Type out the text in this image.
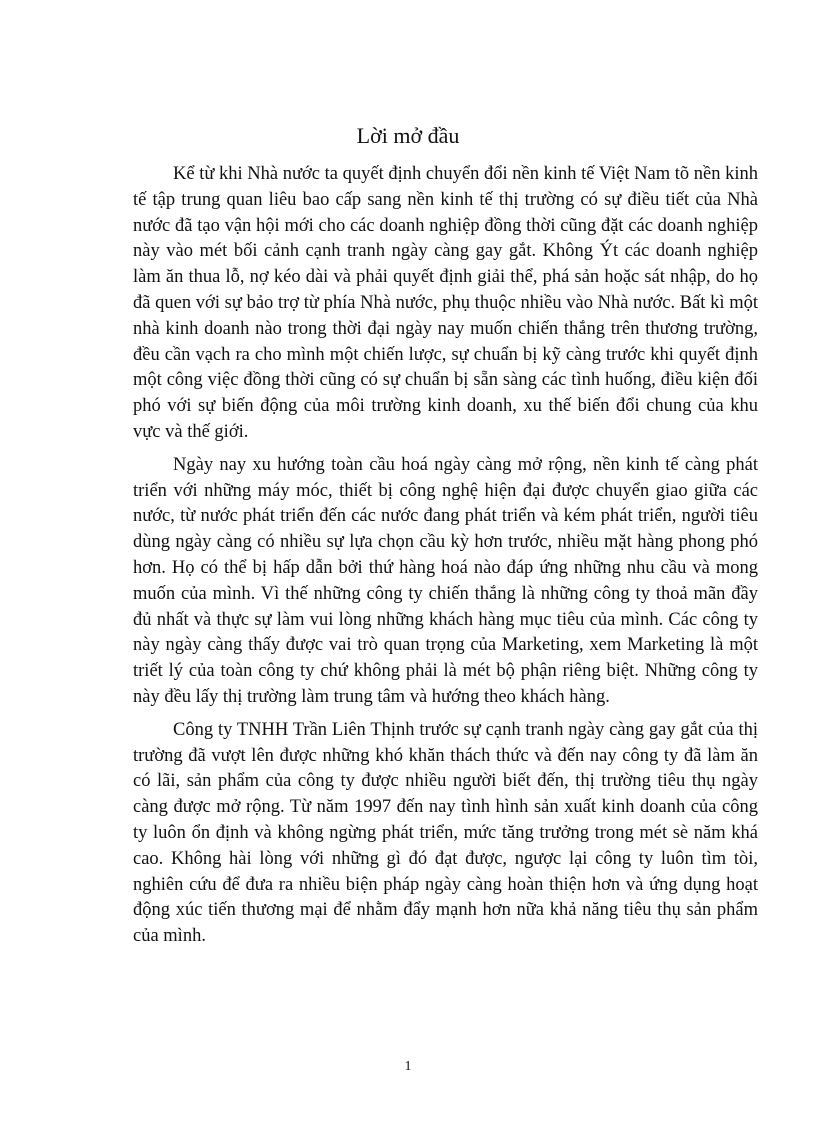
Lời mở đầu

Kể từ khi Nhà nước ta quyết định chuyển đổi nền kinh tế Việt Nam tõ nền kinh tế tập trung quan liêu bao cấp sang nền kinh tế thị trường có sự điều tiết của Nhà nước đã tạo vận hội mới cho các doanh nghiệp đồng thời cũng đặt các doanh nghiệp này vào mét bối cảnh cạnh tranh ngày càng gay gắt. Không Ýt các doanh nghiệp làm ăn thua lỗ, nợ kéo dài và phải quyết định giải thể, phá sản hoặc sát nhập, do họ đã quen với sự bảo trợ từ phía Nhà nước, phụ thuộc nhiều vào Nhà nước. Bất kì một nhà kinh doanh nào trong thời đại ngày nay muốn chiến thắng trên thương trường, đều cần vạch ra cho mình một chiến lược, sự chuẩn bị kỹ càng trước khi quyết định một công việc đồng thời cũng có sự chuẩn bị sẵn sàng các tình huống, điều kiện đối phó với sự biến động của môi trường kinh doanh, xu thế biến đổi chung của khu vực và thế giới.

Ngày nay xu hướng toàn cầu hoá ngày càng mở rộng, nền kinh tế càng phát triển với những máy móc, thiết bị công nghệ hiện đại được chuyển giao giữa các nước, từ nước phát triển đến các nước đang phát triển và kém phát triển, người tiêu dùng ngày càng có nhiều sự lựa chọn cầu kỳ hơn trước, nhiều mặt hàng phong phó hơn. Họ có thể bị hấp dẫn bởi thứ hàng hoá nào đáp ứng những nhu cầu và mong muốn của mình. Vì thế những công ty chiến thắng là những công ty thoả mãn đầy đủ nhất và thực sự làm vui lòng những khách hàng mục tiêu của mình. Các công ty này ngày càng thấy được vai trò quan trọng của Marketing, xem Marketing là một triết lý của toàn công ty chứ không phải là mét bộ phận riêng biệt. Những công ty này đều lấy thị trường làm trung tâm và hướng theo khách hàng.

Công ty TNHH Trần Liên Thịnh trước sự cạnh tranh ngày càng gay gắt của thị trường đã vượt lên được những khó khăn thách thức và đến nay công ty đã làm ăn có lãi, sản phẩm của công ty được nhiều người biết đến, thị trường tiêu thụ ngày càng được mở rộng. Từ năm 1997 đến nay tình hình sản xuất kinh doanh của công ty luôn ổn định và không ngừng phát triển, mức tăng trưởng trong mét sè năm khá cao. Không hài lòng với những gì đó đạt được, ngược lại công ty luôn tìm tòi, nghiên cứu để đưa ra nhiều biện pháp ngày càng hoàn thiện hơn và ứng dụng hoạt động xúc tiến thương mại để nhằm đẩy mạnh hơn nữa khả năng tiêu thụ sản phẩm của mình.

1
